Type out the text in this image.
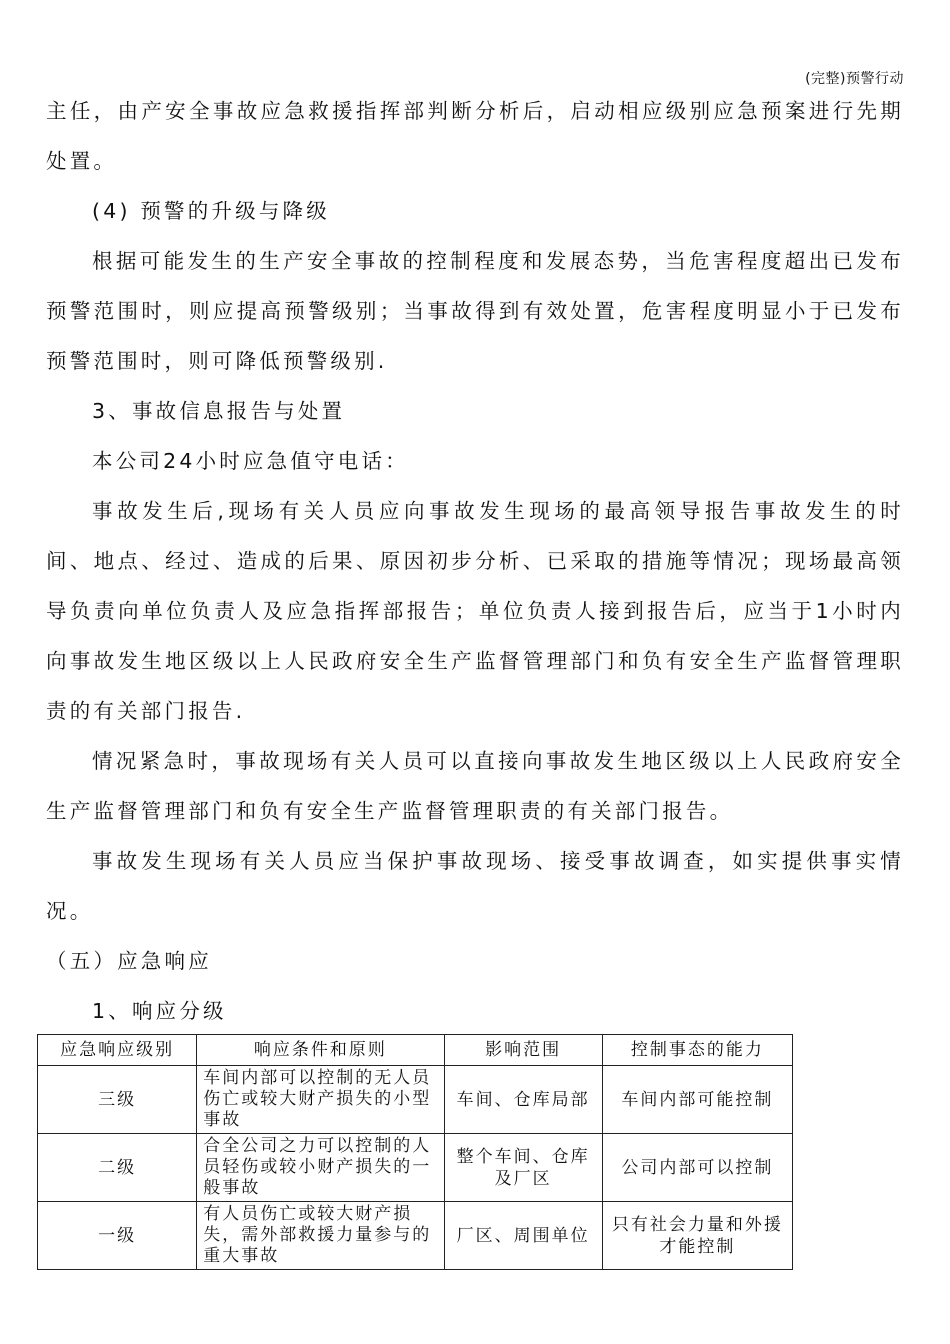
(完整)预警行动

主任，由产安全事故应急救援指挥部判断分析后，启动相应级别应急预案进行先期处置。

(4) 预警的升级与降级

根据可能发生的生产安全事故的控制程度和发展态势，当危害程度超出已发布预警范围时，则应提高预警级别；当事故得到有效处置，危害程度明显小于已发布预警范围时，则可降低预警级别.

3、事故信息报告与处置

本公司24小时应急值守电话：

事故发生后,现场有关人员应向事故发生现场的最高领导报告事故发生的时间、地点、经过、造成的后果、原因初步分析、已采取的措施等情况；现场最高领导负责向单位负责人及应急指挥部报告；单位负责人接到报告后，应当于1小时内向事故发生地区级以上人民政府安全生产监督管理部门和负有安全生产监督管理职责的有关部门报告.

情况紧急时，事故现场有关人员可以直接向事故发生地区级以上人民政府安全生产监督管理部门和负有安全生产监督管理职责的有关部门报告。

事故发生现场有关人员应当保护事故现场、接受事故调查，如实提供事实情况。

（五）应急响应

1、响应分级

应急响应级别	响应条件和原则	影响范围	控制事态的能力
三级	车间内部可以控制的无人员伤亡或较大财产损失的小型事故	车间、仓库局部	车间内部可能控制
二级	合全公司之力可以控制的人员轻伤或较小财产损失的一般事故	整个车间、仓库及厂区	公司内部可以控制
一级	有人员伤亡或较大财产损失，需外部救援力量参与的重大事故	厂区、周围单位	只有社会力量和外援才能控制
